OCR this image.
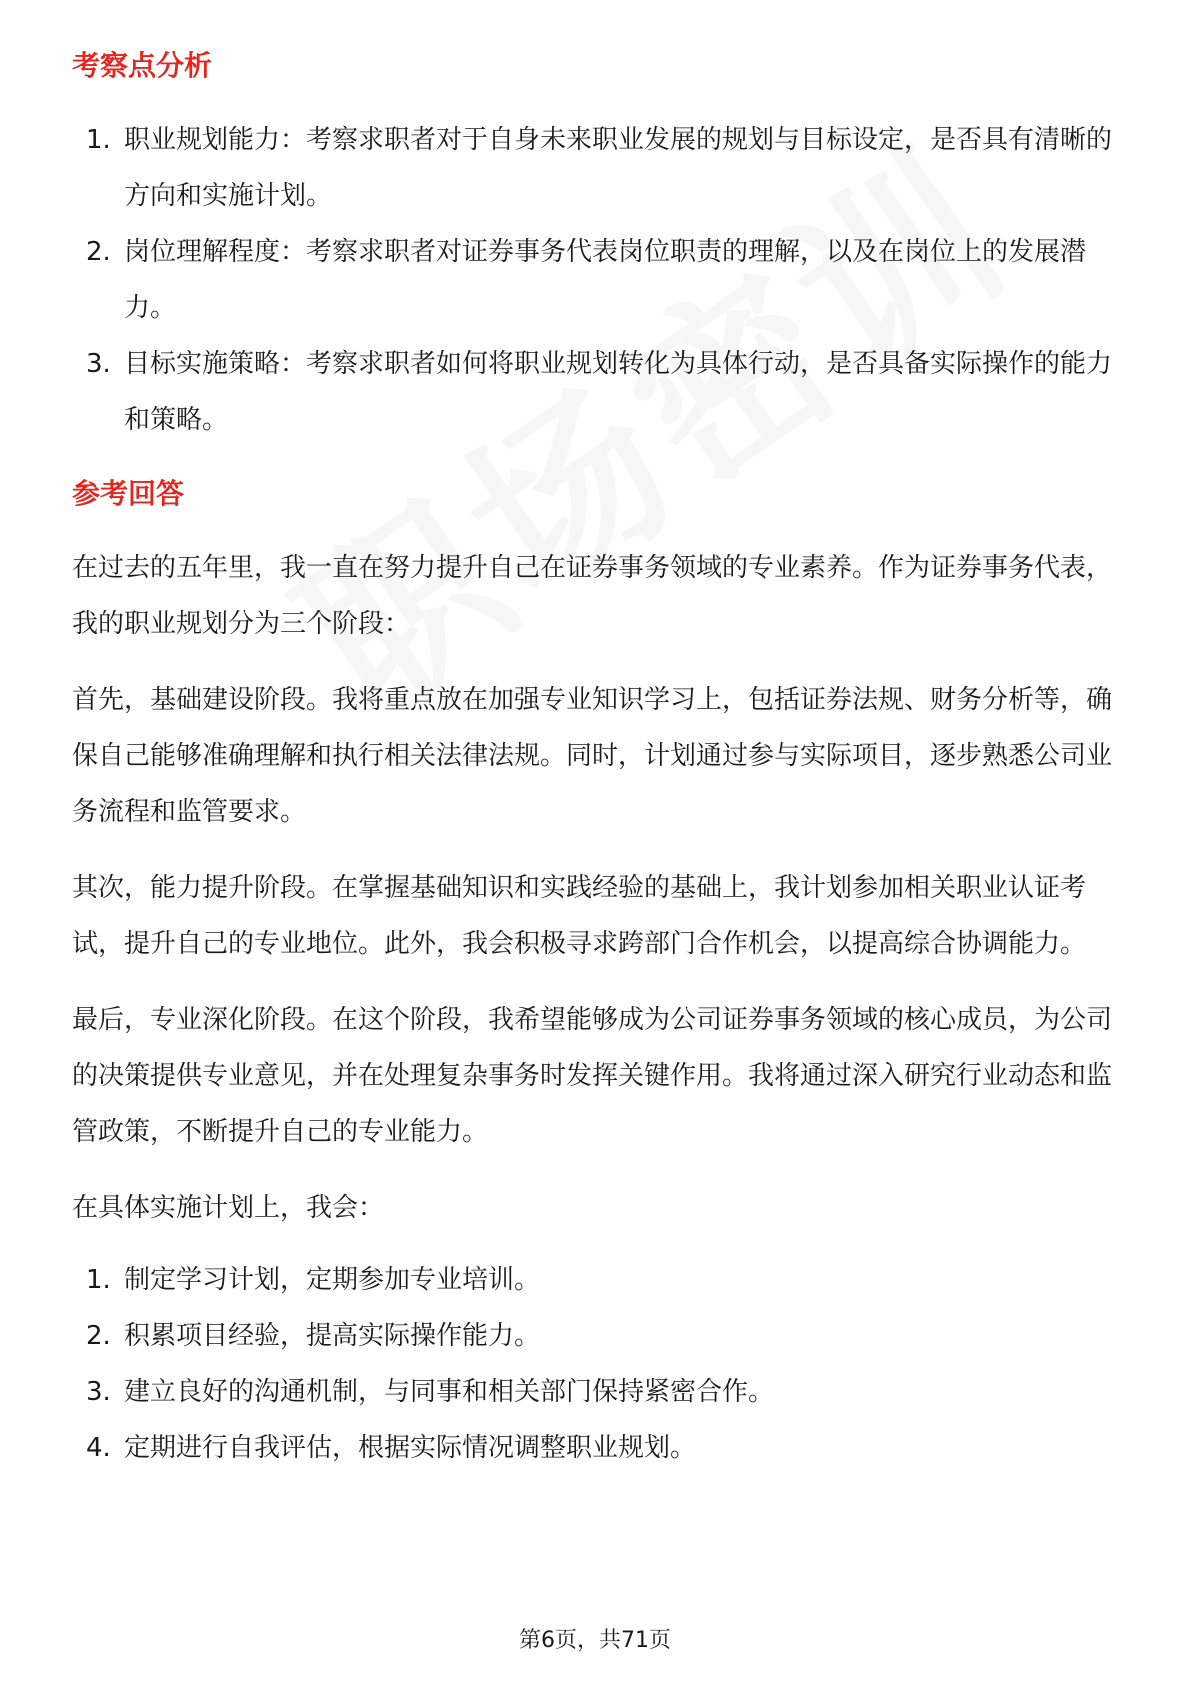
考察点分析
1. 职业规划能力：考察求职者对于自身未来职业发展的规划与目标设定，是否具有清晰的方向和实施计划。
2. 岗位理解程度：考察求职者对证券事务代表岗位职责的理解，以及在岗位上的发展潜力。
3. 目标实施策略：考察求职者如何将职业规划转化为具体行动，是否具备实际操作的能力和策略。
参考回答

在过去的五年里，我一直在努力提升自己在证券事务领域的专业素养。作为证券事务代表，我的职业规划分为三个阶段：

首先，基础建设阶段。我将重点放在加强专业知识学习上，包括证券法规、财务分析等，确保自己能够准确理解和执行相关法律法规。同时，计划通过参与实际项目，逐步熟悉公司业务流程和监管要求。

其次，能力提升阶段。在掌握基础知识和实践经验的基础上，我计划参加相关职业认证考试，提升自己的专业地位。此外，我会积极寻求跨部门合作机会，以提高综合协调能力。

最后，专业深化阶段。在这个阶段，我希望能够成为公司证券事务领域的核心成员，为公司的决策提供专业意见，并在处理复杂事务时发挥关键作用。我将通过深入研究行业动态和监管政策，不断提升自己的专业能力。

在具体实施计划上，我会：

1. 制定学习计划，定期参加专业培训。
2. 积累项目经验，提高实际操作能力。
3. 建立良好的沟通机制，与同事和相关部门保持紧密合作。
4. 定期进行自我评估，根据实际情况调整职业规划。
第6页，共71页
